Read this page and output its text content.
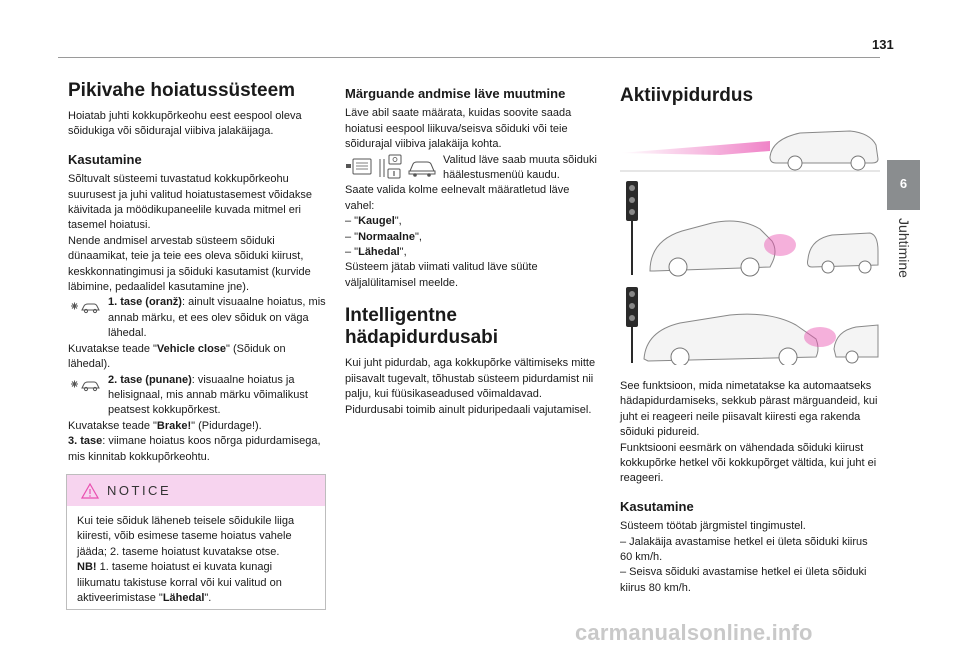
131
6
Juhtimine
Pikivahe hoiatussüsteem

Hoiatab juhti kokkupõrkeohu eest eespool oleva sõidukiga või sõidurajal viibiva jalakäijaga.

Kasutamine

Sõltuvalt süsteemi tuvastatud kokkupõrkeohu suurusest ja juhi valitud hoiatustasemest võidakse käivitada ja möödikupaneelile kuvada mitmel eri tasemel hoiatusi.

Nende andmisel arvestab süsteem sõiduki dünaamikat, teie ja teie ees oleva sõiduki kiirust, keskkonnatingimusi ja sõiduki kasutamist (kurvide läbimine, pedaalidel kasutamine jne).

1. tase (oranž): ainult visuaalne hoiatus, mis annab märku, et ees olev sõiduk on väga lähedal.

Kuvatakse teade "Vehicle close" (Sõiduk on lähedal).

2. tase (punane): visuaalne hoiatus ja helisignaal, mis annab märku võimalikust peatsest kokkupõrkest.

Kuvatakse teade "Brake!" (Pidurdage!).

3. tase: viimane hoiatus koos nõrga pidurdamisega, mis kinnitab kokkupõrkeohtu.

NOTICE

Kui teie sõiduk läheneb teisele sõidukile liiga kiiresti, võib esimese taseme hoiatus vahele jääda; 2. taseme hoiatust kuvatakse otse.

NB! 1. taseme hoiatust ei kuvata kunagi liikumatu takistuse korral või kui valitud on aktiveerimistase "Lähedal".

Märguande andmise läve muutmine

Läve abil saate määrata, kuidas soovite saada hoiatusi eespool liikuva/seisva sõiduki või teie sõidurajal viibiva jalakäija kohta.

Valitud läve saab muuta sõiduki häälestusmenüü kaudu.

Saate valida kolme eelnevalt määratletud läve vahel:

– "Kaugel",

– "Normaalne",

– "Lähedal",

Süsteem jätab viimati valitud läve süüte väljalülitamisel meelde.

Intelligentne hädapidurdusabi

Kui juht pidurdab, aga kokkupõrke vältimiseks mitte piisavalt tugevalt, tõhustab süsteem pidurdamist nii palju, kui füüsikaseadused võimaldavad.

Pidurdusabi toimib ainult piduripedaali vajutamisel.

Aktiivpidurdus

See funktsioon, mida nimetatakse ka automaatseks hädapidurdamiseks, sekkub pärast märguandeid, kui juht ei reageeri neile piisavalt kiiresti ega rakenda sõiduki pidureid.

Funktsiooni eesmärk on vähendada sõiduki kiirust kokkupõrke hetkel või kokkupõrget vältida, kui juht ei reageeri.

Kasutamine

Süsteem töötab järgmistel tingimustel.

– Jalakäija avastamise hetkel ei ületa sõiduki kiirus 60 km/h.

– Seisva sõiduki avastamise hetkel ei ületa sõiduki kiirus 80 km/h.

carmanualsonline.info
